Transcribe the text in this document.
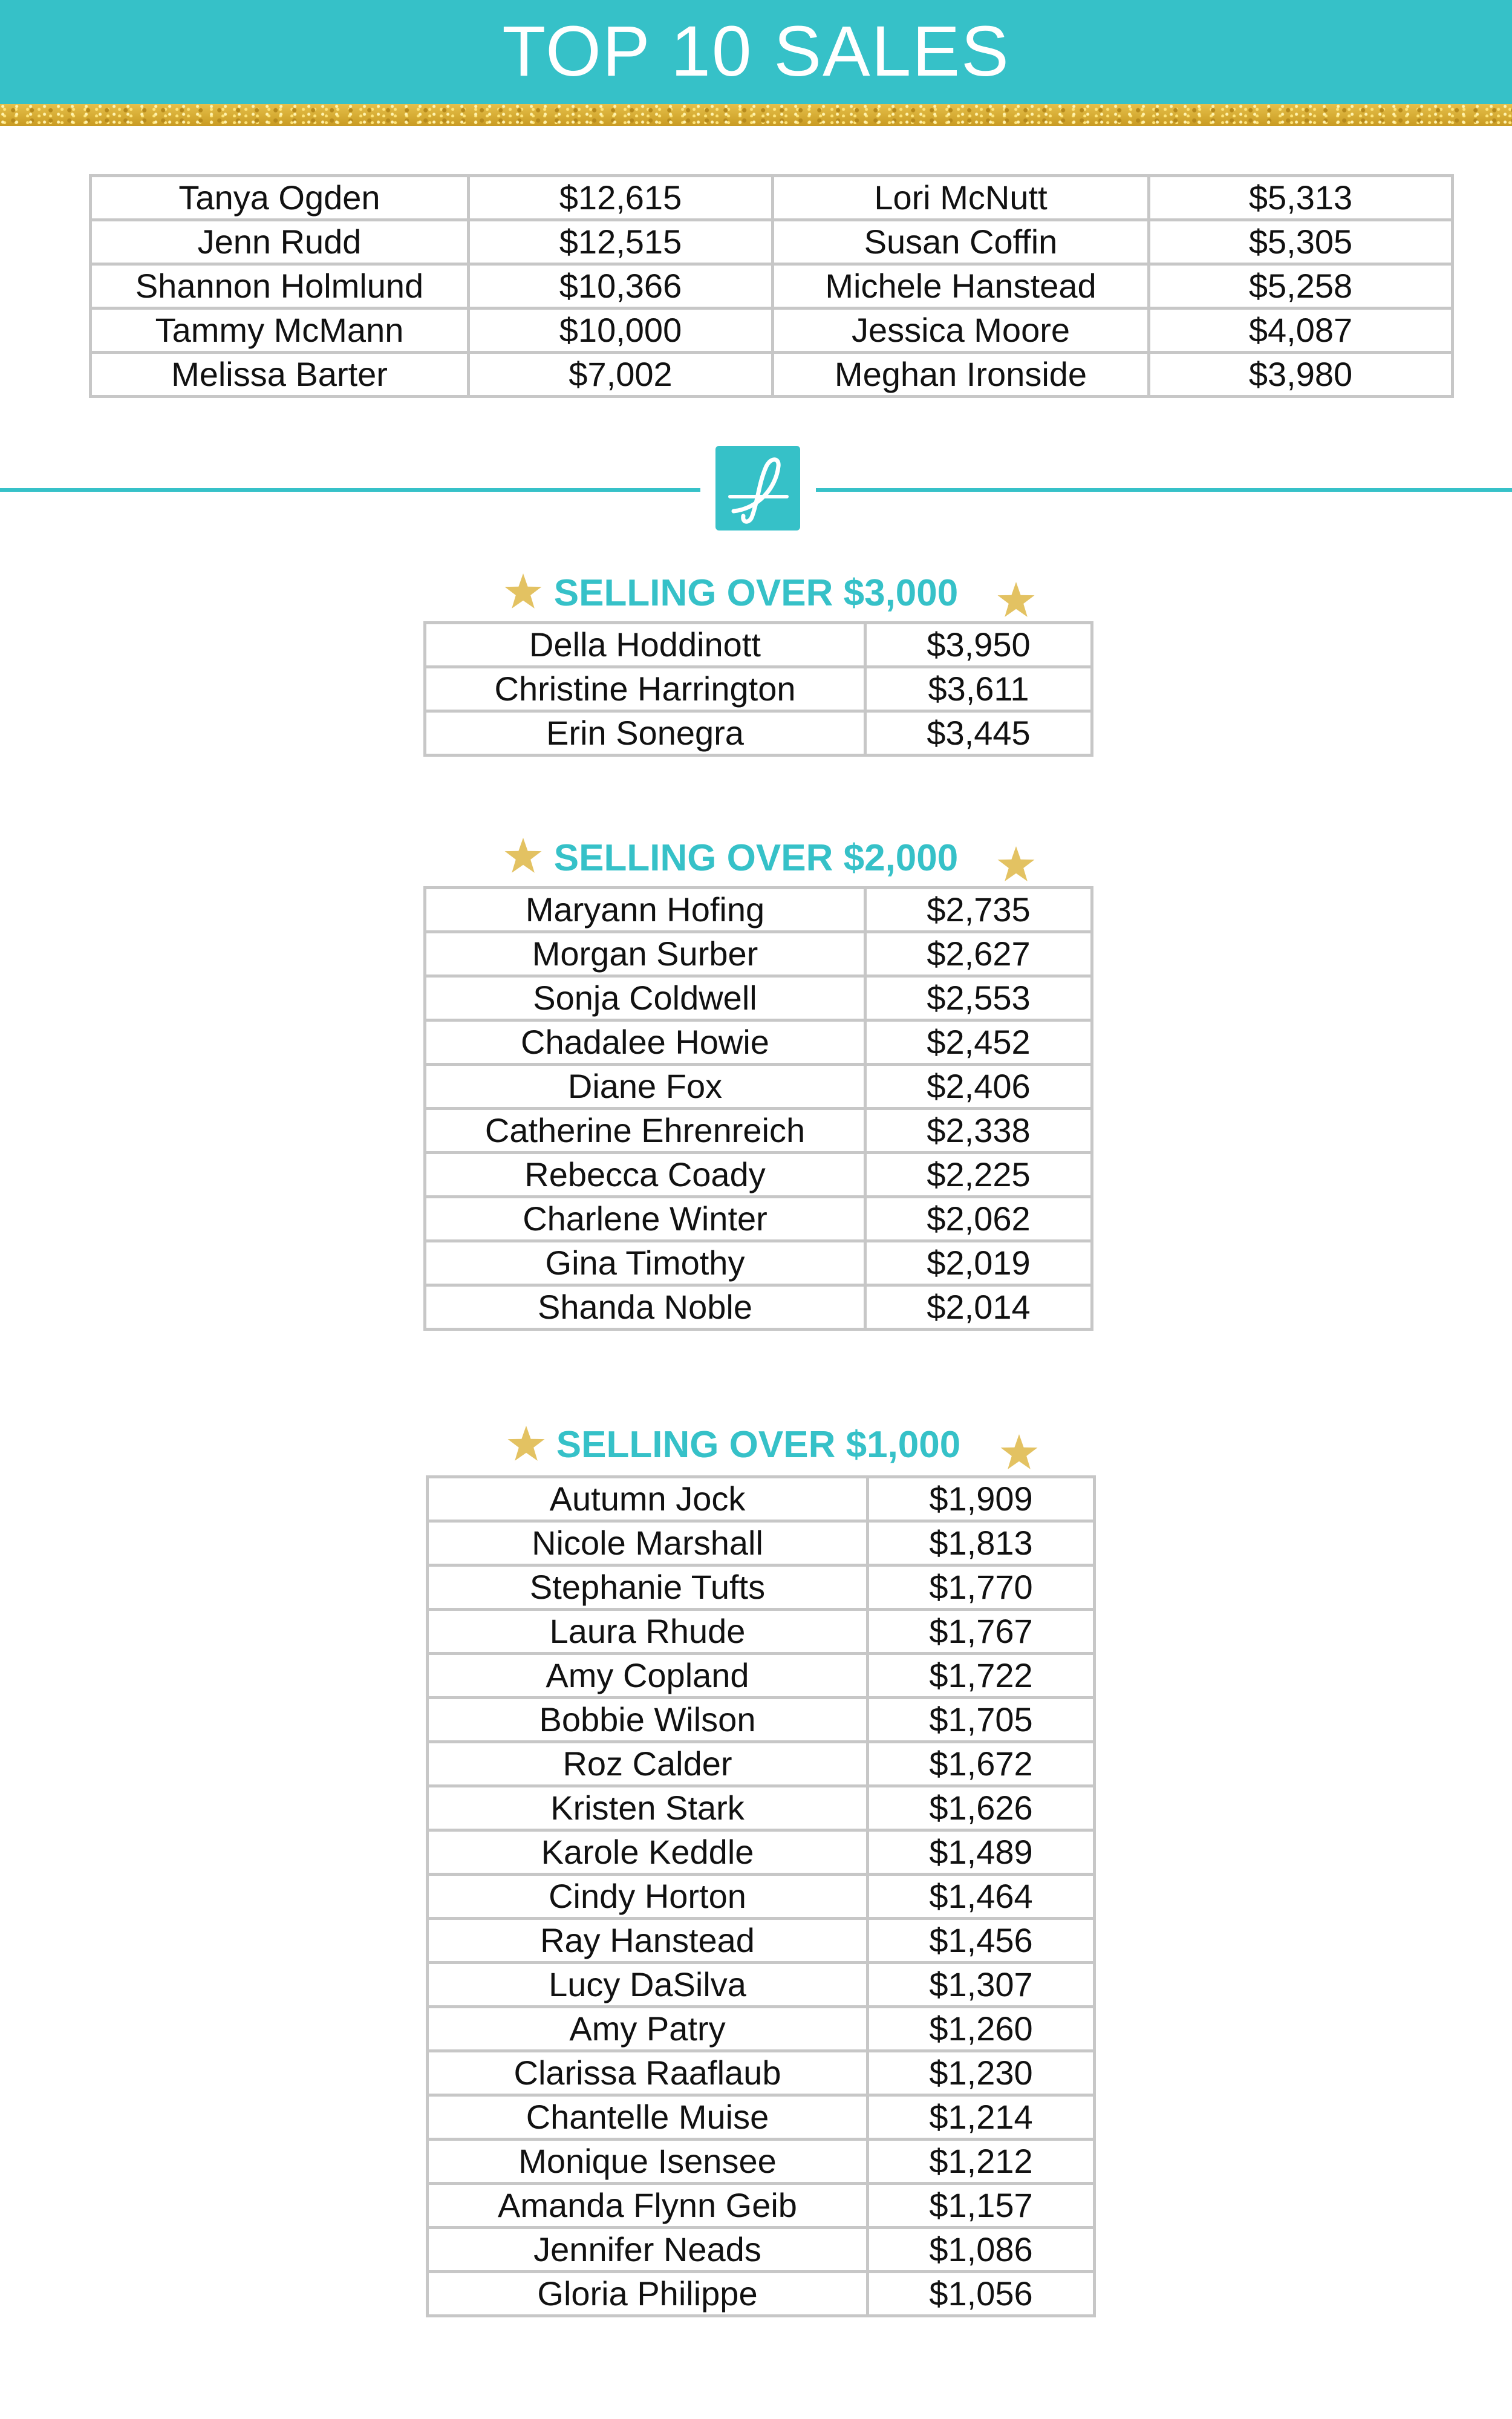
TOP 10 SALES
Tanya Ogden	$12,615	Lori McNutt	$5,313
Jenn Rudd	$12,515	Susan Coffin	$5,305
Shannon Holmlund	$10,366	Michele Hanstead	$5,258
Tammy McMann	$10,000	Jessica Moore	$4,087
Melissa Barter	$7,002	Meghan Ironside	$3,980
SELLING OVER $3,000
Della Hoddinott	$3,950
Christine Harrington	$3,611
Erin Sonegra	$3,445
SELLING OVER $2,000
Maryann Hofing	$2,735
Morgan Surber	$2,627
Sonja Coldwell	$2,553
Chadalee Howie	$2,452
Diane Fox	$2,406
Catherine Ehrenreich	$2,338
Rebecca Coady	$2,225
Charlene Winter	$2,062
Gina Timothy	$2,019
Shanda Noble	$2,014
SELLING OVER $1,000
Autumn Jock	$1,909
Nicole Marshall	$1,813
Stephanie Tufts	$1,770
Laura Rhude	$1,767
Amy Copland	$1,722
Bobbie Wilson	$1,705
Roz Calder	$1,672
Kristen Stark	$1,626
Karole Keddle	$1,489
Cindy Horton	$1,464
Ray Hanstead	$1,456
Lucy DaSilva	$1,307
Amy Patry	$1,260
Clarissa Raaflaub	$1,230
Chantelle Muise	$1,214
Monique Isensee	$1,212
Amanda Flynn Geib	$1,157
Jennifer Neads	$1,086
Gloria Philippe	$1,056
